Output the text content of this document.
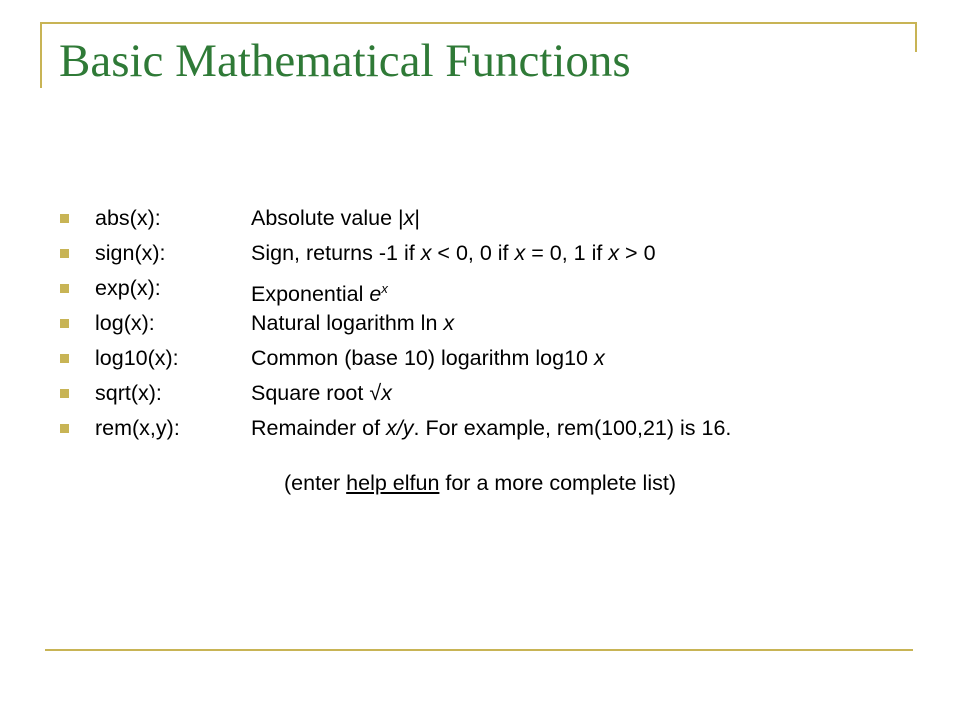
Basic Mathematical Functions
abs(x):	Absolute value |x|
sign(x):	Sign, returns -1 if x < 0, 0 if x = 0, 1 if x > 0
exp(x):	Exponential $e^x$
log(x):	Natural logarithm ln x
log10(x):	Common (base 10) logarithm log10 x
sqrt(x):	Square root √x
rem(x,y):	Remainder of x/y. For example, rem(100,21) is 16.
(enter help elfun for a more complete list)
